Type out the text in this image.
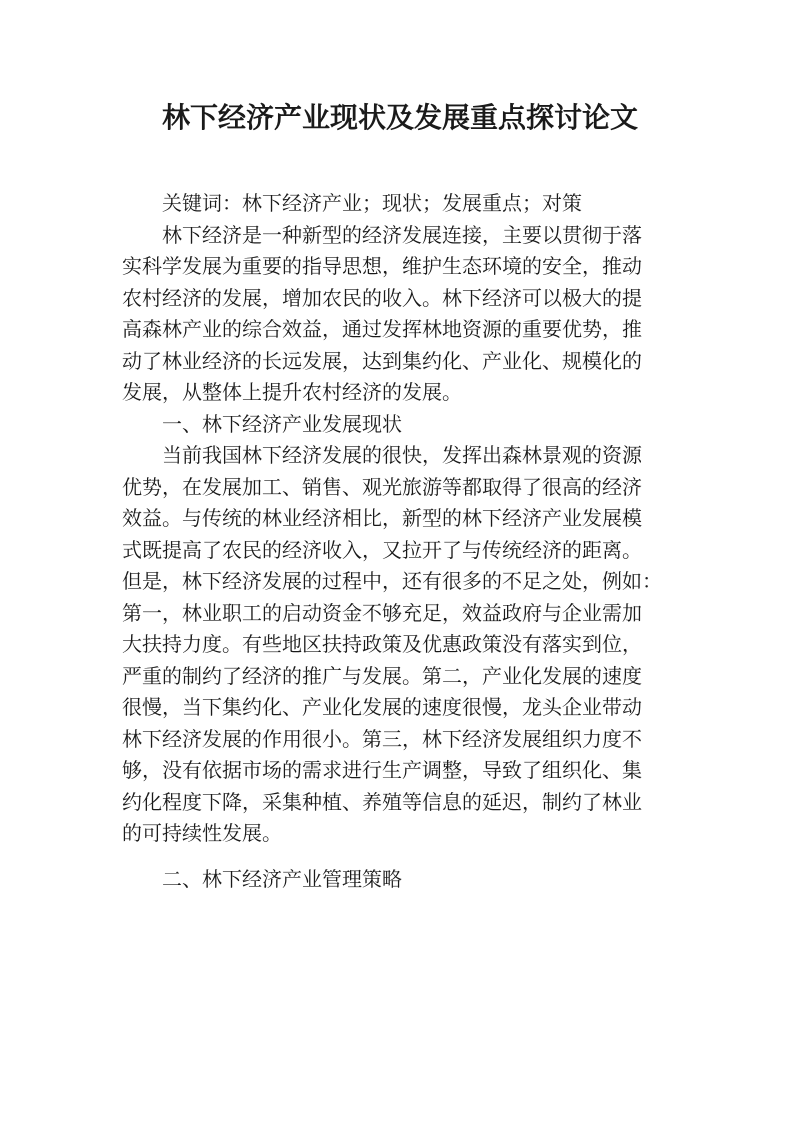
林下经济产业现状及发展重点探讨论文
关键词：林下经济产业；现状；发展重点；对策
林下经济是一种新型的经济发展连接，主要以贯彻于落
实科学发展为重要的指导思想，维护生态环境的安全，推动
农村经济的发展，增加农民的收入。林下经济可以极大的提
高森林产业的综合效益，通过发挥林地资源的重要优势，推
动了林业经济的长远发展，达到集约化、产业化、规模化的
发展，从整体上提升农村经济的发展。
一、林下经济产业发展现状
当前我国林下经济发展的很快，发挥出森林景观的资源
优势，在发展加工、销售、观光旅游等都取得了很高的经济
效益。与传统的林业经济相比，新型的林下经济产业发展模
式既提高了农民的经济收入，又拉开了与传统经济的距离。
但是，林下经济发展的过程中，还有很多的不足之处，例如：
第一，林业职工的启动资金不够充足，效益政府与企业需加
大扶持力度。有些地区扶持政策及优惠政策没有落实到位，
严重的制约了经济的推广与发展。第二，产业化发展的速度
很慢，当下集约化、产业化发展的速度很慢，龙头企业带动
林下经济发展的作用很小。第三，林下经济发展组织力度不
够，没有依据市场的需求进行生产调整，导致了组织化、集
约化程度下降，采集种植、养殖等信息的延迟，制约了林业
的可持续性发展。
二、林下经济产业管理策略
